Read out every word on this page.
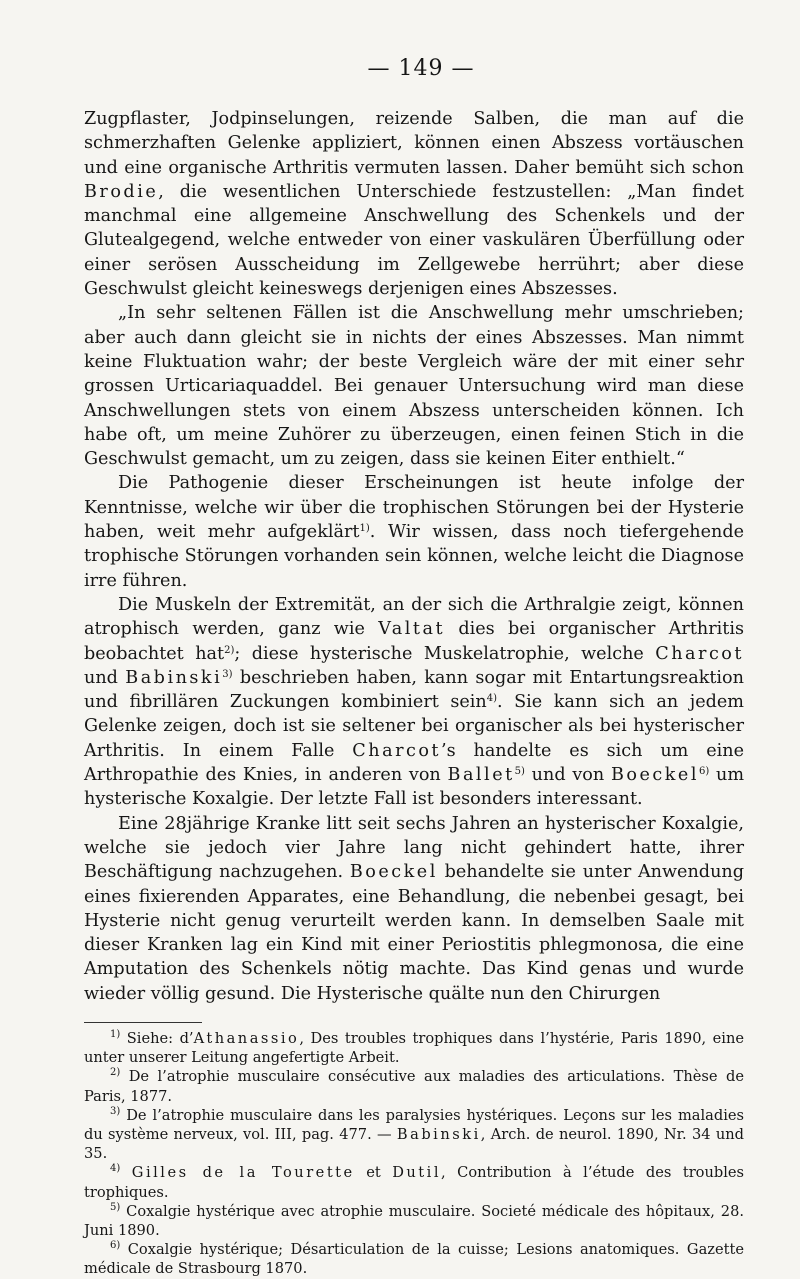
— 149 —

Zugpflaster, Jodpinselungen, reizende Salben, die man auf die schmerzhaften Gelenke appliziert, können einen Abszess vortäuschen und eine organische Arthritis vermuten lassen. Daher bemüht sich schon Brodie, die wesentlichen Unterschiede festzustellen: „Man findet manchmal eine allgemeine Anschwellung des Schenkels und der Glutealgegend, welche entweder von einer vaskulären Überfüllung oder einer serösen Ausscheidung im Zellgewebe herrührt; aber diese Geschwulst gleicht keineswegs derjenigen eines Abszesses.

„In sehr seltenen Fällen ist die Anschwellung mehr umschrieben; aber auch dann gleicht sie in nichts der eines Abszesses. Man nimmt keine Fluktuation wahr; der beste Vergleich wäre der mit einer sehr grossen Urticariaquaddel. Bei genauer Untersuchung wird man diese Anschwellungen stets von einem Abszess unterscheiden können. Ich habe oft, um meine Zuhörer zu überzeugen, einen feinen Stich in die Geschwulst gemacht, um zu zeigen, dass sie keinen Eiter enthielt.“

Die Pathogenie dieser Erscheinungen ist heute infolge der Kenntnisse, welche wir über die trophischen Störungen bei der Hysterie haben, weit mehr aufgeklärt$^{1)}$. Wir wissen, dass noch tiefergehende trophische Störungen vorhanden sein können, welche leicht die Diagnose irre führen.

Die Muskeln der Extremität, an der sich die Arthralgie zeigt, können atrophisch werden, ganz wie Valtat dies bei organischer Arthritis beobachtet hat$^{2)}$; diese hysterische Muskelatrophie, welche Charcot und Babinski$^{3)}$ beschrieben haben, kann sogar mit Entartungsreaktion und fibrillären Zuckungen kombiniert sein$^{4)}$. Sie kann sich an jedem Gelenke zeigen, doch ist sie seltener bei organischer als bei hysterischer Arthritis. In einem Falle Charcot’s handelte es sich um eine Arthropathie des Knies, in anderen von Ballet$^{5)}$ und von Boeckel$^{6)}$ um hysterische Koxalgie. Der letzte Fall ist besonders interessant.

Eine 28jährige Kranke litt seit sechs Jahren an hysterischer Koxalgie, welche sie jedoch vier Jahre lang nicht gehindert hatte, ihrer Beschäftigung nachzugehen. Boeckel behandelte sie unter Anwendung eines fixierenden Apparates, eine Behandlung, die nebenbei gesagt, bei Hysterie nicht genug verurteilt werden kann. In demselben Saale mit dieser Kranken lag ein Kind mit einer Periostitis phlegmonosa, die eine Amputation des Schenkels nötig machte. Das Kind genas und wurde wieder völlig gesund. Die Hysterische quälte nun den Chirurgen

$^{1)}$ Siehe: d’Athanassio, Des troubles trophiques dans l’hystérie, Paris 1890, eine unter unserer Leitung angefertigte Arbeit.

$^{2)}$ De l’atrophie musculaire consécutive aux maladies des articulations. Thèse de Paris, 1877.

$^{3)}$ De l’atrophie musculaire dans les paralysies hystériques. Leçons sur les maladies du système nerveux, vol. III, pag. 477. — Babinski, Arch. de neurol. 1890, Nr. 34 und 35.

$^{4)}$ Gilles de la Tourette et Dutil, Contribution à l’étude des troubles trophiques.

$^{5)}$ Coxalgie hystérique avec atrophie musculaire. Societé médicale des hôpitaux, 28. Juni 1890.

$^{6)}$ Coxalgie hystérique; Désarticulation de la cuisse; Lesions anatomiques. Gazette médicale de Strasbourg 1870.
